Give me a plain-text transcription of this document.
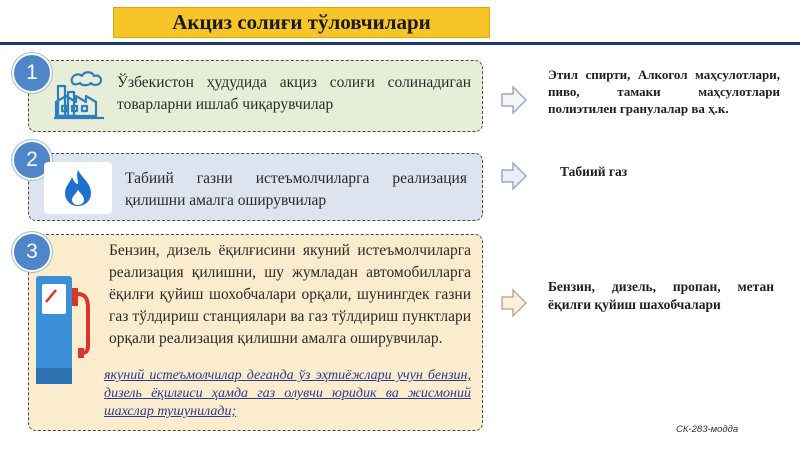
Акциз солиғи тўловчилари
1	Ўзбекистон ҳудудида акциз солиғи солинадиган товарларни ишлаб чиқарувчилар
2
Табиий газни истеъмолчиларга реализация қилишни амалга оширувчилар
3	Бензин, дизель ёқилғисини якуний истеъмолчиларга реализация қилишни, шу жумладан автомобилларга ёқилғи қуйиш шохобчалари орқали, шунингдек газни газ тўлдириш станциялари ва газ тўлдириш пунктлари орқали реализация қилишни амалга оширувчилар.
якуний истеъмолчилар деганда ўз эҳтиёжлари учун бензин, дизель ёқилғиси ҳамда газ олувчи юридик ва жисмоний шахслар тушунилади;
Этил спирти, Алкогол маҳсулотлари, пиво, тамаки маҳсулотлари полиэтилен гранулалар ва ҳ.к.
Табиий газ
Бензин, дизель, пропан, метан ёқилғи қуйиш шахобчалари
СК-283-модда
